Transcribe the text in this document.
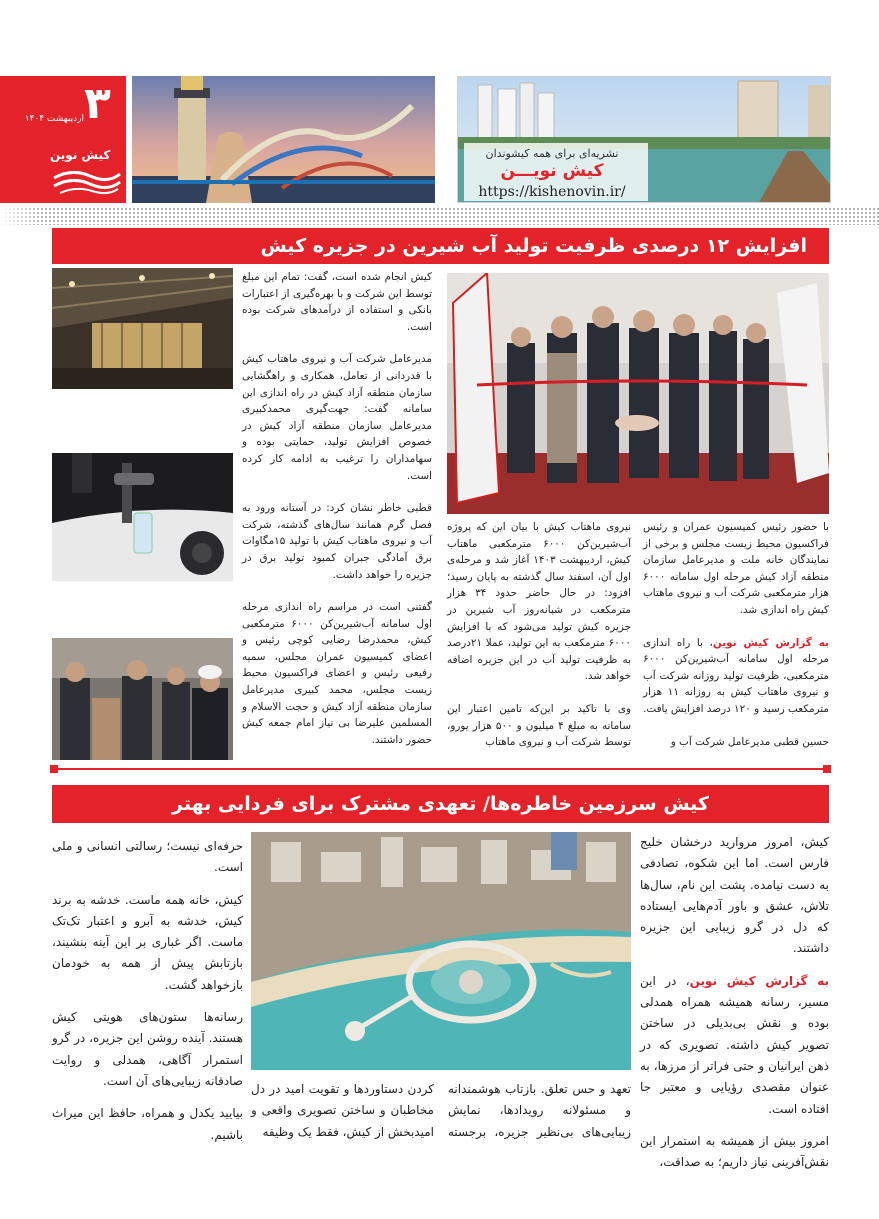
۳
اردیبهشت ۱۴۰۴
کیش نوین	نشریه‌ای برای همه کیشوندان
کیش نویـــن
https://kishenovin.ir/
افزایش ۱۲ درصدی ظرفیت تولید آب شیرین در جزیره کیش

کیش انجام شده است، گفت: تمام این مبلغ توسط این شرکت و با بهره‌گیری از اعتبارات بانکی و استفاده از درآمدهای شرکت بوده است.

مدیرعامل شرکت آب و نیروی ماهتاب کیش با قدردانی از تعامل، همکاری و راهگشایی سازمان منطقه آزاد کیش در راه اندازی این سامانه گفت: جهت‌گیری محمدکبیری مدیرعامل سازمان منطقه آزاد کیش در خصوص افزایش تولید، حمایتی بوده و سهامداران را ترغیب به ادامه کار کرده است.

قطبی خاطر نشان کرد: در آستانه ورود به فصل گرم همانند سال‌های گذشته، شرکت آب و نیروی ماهتاب کیش با تولید ۱۵مگاوات برق آمادگی جبران کمبود تولید برق در جزیره را خواهد داشت.

گفتنی است در مراسم راه اندازی مرحله اول سامانه آب‌شیرین‌کن ۶۰۰۰ مترمکعبی کیش، محمدرضا رضایی کوچی رئیس و اعضای کمیسیون عمران مجلس، سمیه رفیعی رئیس و اعضای فراکسیون محیط زیست مجلس، محمد کبیری مدیرعامل سازمان منطقه آزاد کیش و حجت الاسلام و المسلمین علیرضا بی نیاز امام جمعه کیش حضور داشتند.

نیروی ماهتاب کیش با بیان این که پروژه آب‌شیرین‌کن ۶۰۰۰ مترمکعبی ماهتاب کیش، اردیبهشت ۱۴۰۳ آغاز شد و مرحله‌ی اول آن، اسفند سال گذشته به پایان رسید؛ افزود: در حال حاضر حدود ۳۴ هزار مترمکعب در شبانه‌روز آب شیرین در جزیره کیش تولید می‌شود که با افزایش ۶۰۰۰ مترمکعب به این تولید، عملا ۲۱درصد به ظرفیت تولید آب در این جزیره اضافه خواهد شد.

وی با تاکید بر این‌که تامین اعتبار این سامانه به مبلغ ۴ میلیون و ۵۰۰ هزار یورو، توسط شرکت آب و نیروی ماهتاب

با حضور رئیس کمیسیون عمران و رئیس فراکسیون محیط زیست مجلس و برخی از نمایندگان خانه ملت و مدیرعامل سازمان منطقه آزاد کیش مرحله اول سامانه ۶۰۰۰ هزار مترمکعبی شرکت آب و نیروی ماهتاب کیش راه اندازی شد.

به گزارش کیش نوین، با راه اندازی مرحله اول سامانه آب‌شیرین‌کن ۶۰۰۰ مترمکعبی، ظرفیت تولید روزانه شرکت آب و نیروی ماهتاب کیش به روزانه ۱۱ هزار مترمکعب رسید و ۱۲۰ درصد افزایش یافت.

حسین قطبی مدیرعامل شرکت آب و

کیش سرزمین خاطره‌ها/ تعهدی مشترک برای فردایی بهتر

حرفه‌ای نیست؛ رسالتی انسانی و ملی است.

کیش، خانه همه ماست. خدشه به برند کیش، خدشه به آبرو و اعتبار تک‌تک ماست. اگر غباری بر این آینه بنشیند، بازتابش پیش از همه به خودمان بازخواهد گشت.

رسانه‌ها ستون‌های هویتی کیش هستند. آینده روشن این جزیره، در گرو استمرار آگاهی، همدلی و روایت صادقانه زیبایی‌های آن است.

بیایید یکدل و همراه، حافظ این میراث باشیم.

تعهد و حس تعلق. بازتاب هوشمندانه و مسئولانه رویدادها، نمایش زیبایی‌های بی‌نظیر جزیره، برجسته کردن دستاوردها و تقویت امید در دل مخاطبان و ساختن تصویری واقعی و امیدبخش از کیش، فقط یک وظیفه

کیش، امروز مروارید درخشان خلیج فارس است. اما این شکوه، تصادفی به دست نیامده. پشت این نام، سال‌ها تلاش، عشق و باور آدم‌هایی ایستاده که دل در گرو زیبایی این جزیره داشتند.

به گزارش کیش نوین، در این مسیر، رسانه همیشه همراه همدلی بوده و نقش بی‌بدیلی در ساختن تصویر کیش داشته. تصویری که در ذهن ایرانیان و حتی فراتر از مرزها، به عنوان مقصدی رؤیایی و معتبر جا افتاده است.

امروز بیش از همیشه به استمرار این نقش‌آفرینی نیاز داریم؛ به صداقت،
